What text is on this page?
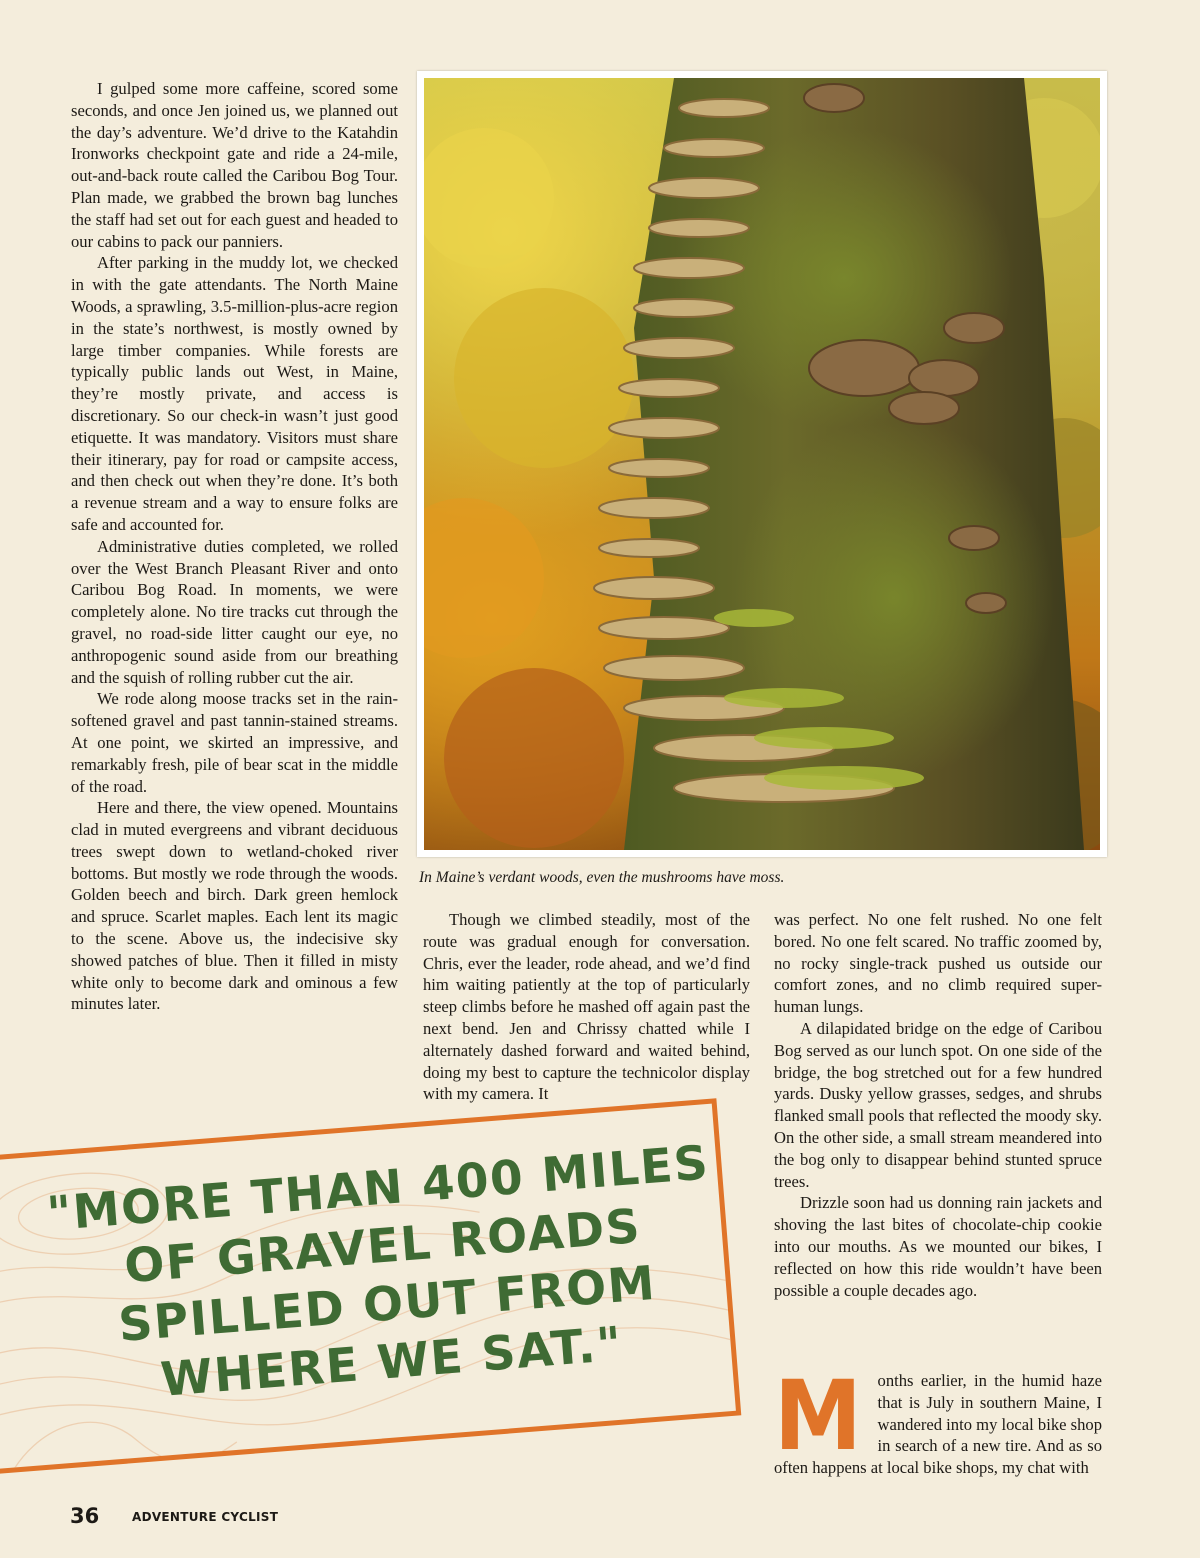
I gulped some more caffeine, scored some seconds, and once Jen joined us, we planned out the day’s adventure. We’d drive to the Katahdin Ironworks checkpoint gate and ride a 24-mile, out-and-back route called the Caribou Bog Tour. Plan made, we grabbed the brown bag lunches the staff had set out for each guest and headed to our cabins to pack our panniers.

After parking in the muddy lot, we checked in with the gate attendants. The North Maine Woods, a sprawling, 3.5-million-plus-acre region in the state’s northwest, is mostly owned by large timber companies. While forests are typically public lands out West, in Maine, they’re mostly private, and access is discretionary. So our check-in wasn’t just good etiquette. It was mandatory. Visitors must share their itinerary, pay for road or campsite access, and then check out when they’re done. It’s both a revenue stream and a way to ensure folks are safe and accounted for.

Administrative duties completed, we rolled over the West Branch Pleasant River and onto Caribou Bog Road. In moments, we were completely alone. No tire tracks cut through the gravel, no road-side litter caught our eye, no anthropogenic sound aside from our breathing and the squish of rolling rubber cut the air.

We rode along moose tracks set in the rain-softened gravel and past tannin-stained streams. At one point, we skirted an impressive, and remarkably fresh, pile of bear scat in the middle of the road.

Here and there, the view opened. Mountains clad in muted evergreens and vibrant deciduous trees swept down to wetland-choked river bottoms. But mostly we rode through the woods. Golden beech and birch. Dark green hemlock and spruce. Scarlet maples. Each lent its magic to the scene. Above us, the indecisive sky showed patches of blue. Then it filled in misty white only to become dark and ominous a few minutes later.

In Maine’s verdant woods, even the mushrooms have moss.

Though we climbed steadily, most of the route was gradual enough for conversation. Chris, ever the leader, rode ahead, and we’d find him waiting patiently at the top of particularly steep climbs before he mashed off again past the next bend. Jen and Chrissy chatted while I alternately dashed forward and waited behind, doing my best to capture the technicolor display with my camera. It

was perfect. No one felt rushed. No one felt bored. No one felt scared. No traffic zoomed by, no rocky single-track pushed us outside our comfort zones, and no climb required super-human lungs.

A dilapidated bridge on the edge of Caribou Bog served as our lunch spot. On one side of the bridge, the bog stretched out for a few hundred yards. Dusky yellow grasses, sedges, and shrubs flanked small pools that reflected the moody sky. On the other side, a small stream meandered into the bog only to disappear behind stunted spruce trees.

Drizzle soon had us donning rain jackets and shoving the last bites of chocolate-chip cookie into our mouths. As we mounted our bikes, I reflected on how this ride wouldn’t have been possible a couple decades ago.

Months earlier, in the humid haze that is July in southern Maine, I wandered into my local bike shop in search of a new tire. And as so often happens at local bike shops, my chat with

"MORE THAN 400 MILES OF GRAVEL ROADS SPILLED OUT FROM WHERE WE SAT."
36	ADVENTURE CYCLIST
